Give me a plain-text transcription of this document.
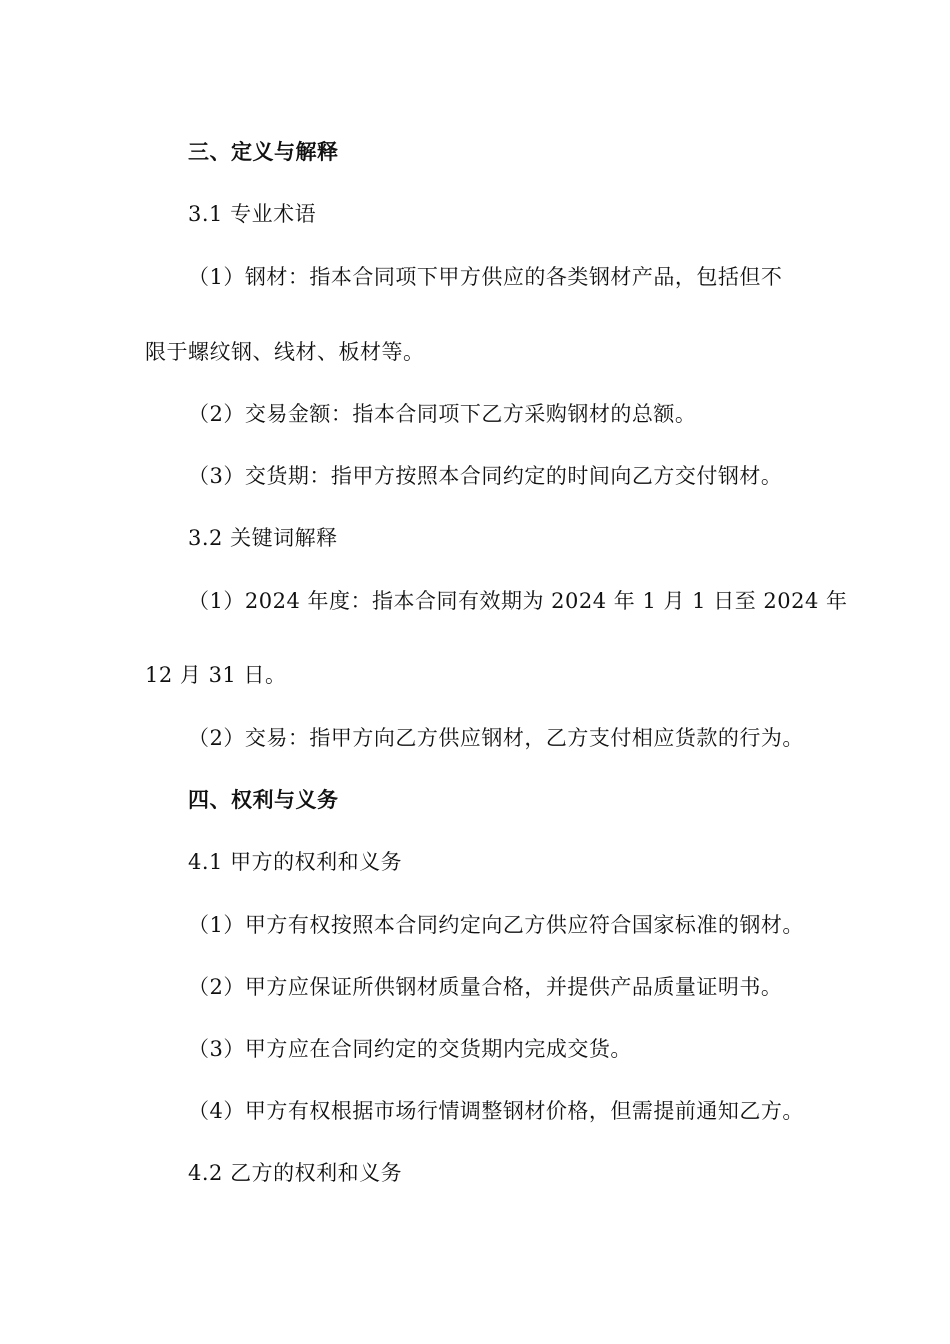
三、定义与解释
3.1 专业术语
（1）钢材：指本合同项下甲方供应的各类钢材产品，包括但不
限于螺纹钢、线材、板材等。
（2）交易金额：指本合同项下乙方采购钢材的总额。
（3）交货期：指甲方按照本合同约定的时间向乙方交付钢材。
3.2 关键词解释
（1）2024 年度：指本合同有效期为 2024 年 1 月 1 日至 2024 年
12 月 31 日。
（2）交易：指甲方向乙方供应钢材，乙方支付相应货款的行为。
四、权利与义务
4.1 甲方的权利和义务
（1）甲方有权按照本合同约定向乙方供应符合国家标准的钢材。
（2）甲方应保证所供钢材质量合格，并提供产品质量证明书。
（3）甲方应在合同约定的交货期内完成交货。
（4）甲方有权根据市场行情调整钢材价格，但需提前通知乙方。
4.2 乙方的权利和义务
